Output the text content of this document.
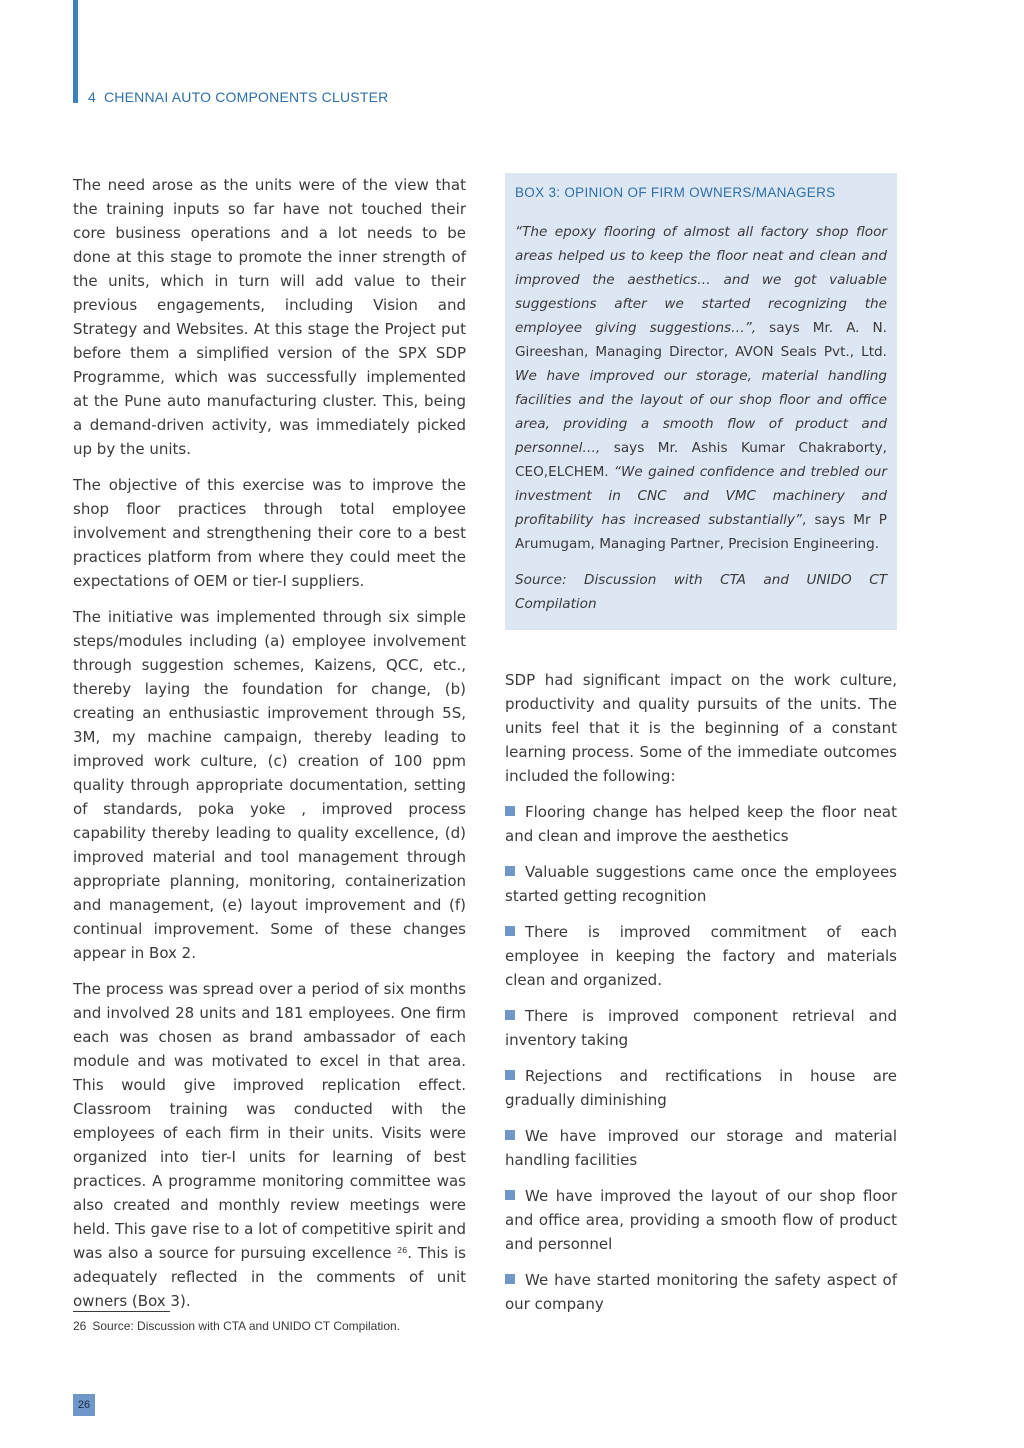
4 CHENNAI AUTO COMPONENTS CLUSTER

The need arose as the units were of the view that the training inputs so far have not touched their core business operations and a lot needs to be done at this stage to promote the inner strength of the units, which in turn will add value to their previous engagements, including Vision and Strategy and Websites. At this stage the Project put before them a simplified version of the SPX SDP Programme, which was successfully implemented at the Pune auto manufacturing cluster. This, being a demand-driven activity, was immediately picked up by the units.

The objective of this exercise was to improve the shop floor practices through total employee involvement and strengthening their core to a best practices platform from where they could meet the expectations of OEM or tier-I suppliers.

The initiative was implemented through six simple steps/modules including (a) employee involvement through suggestion schemes, Kaizens, QCC, etc., thereby laying the foundation for change, (b) creating an enthusiastic improvement through 5S, 3M, my machine campaign, thereby leading to improved work culture, (c) creation of 100 ppm quality through appropriate documentation, setting of standards, poka yoke , improved process capability thereby leading to quality excellence, (d) improved material and tool management through appropriate planning, monitoring, containerization and management, (e) layout improvement and (f) continual improvement. Some of these changes appear in Box 2.

The process was spread over a period of six months and involved 28 units and 181 employees. One firm each was chosen as brand ambassador of each module and was motivated to excel in that area. This would give improved replication effect. Classroom training was conducted with the employees of each firm in their units. Visits were organized into tier-I units for learning of best practices. A programme monitoring committee was also created and monthly review meetings were held. This gave rise to a lot of competitive spirit and was also a source for pursuing excellence $^{26}$. This is adequately reflected in the comments of unit owners (Box 3).

BOX 3: OPINION OF FIRM OWNERS/MANAGERS

“The epoxy flooring of almost all factory shop floor areas helped us to keep the floor neat and clean and improved the aesthetics… and we got valuable suggestions after we started recognizing the employee giving suggestions…”, says Mr. A. N. Gireeshan, Managing Director, AVON Seals Pvt., Ltd. We have improved our storage, material handling facilities and the layout of our shop floor and office area, providing a smooth flow of product and personnel…, says Mr. Ashis Kumar Chakraborty, CEO,ELCHEM. “We gained confidence and trebled our investment in CNC and VMC machinery and profitability has increased substantially”, says Mr P Arumugam, Managing Partner, Precision Engineering.

Source: Discussion with CTA and UNIDO CT Compilation

SDP had significant impact on the work culture, productivity and quality pursuits of the units. The units feel that it is the beginning of a constant learning process. Some of the immediate outcomes included the following:

Flooring change has helped keep the floor neat and clean and improve the aesthetics
Valuable suggestions came once the employees started getting recognition
There is improved commitment of each employee in keeping the factory and materials clean and organized.
There is improved component retrieval and inventory taking
Rejections and rectifications in house are gradually diminishing
We have improved our storage and material handling facilities
We have improved the layout of our shop floor and office area, providing a smooth flow of product and personnel
We have started monitoring the safety aspect of our company
26 Source: Discussion with CTA and UNIDO CT Compilation.
26
